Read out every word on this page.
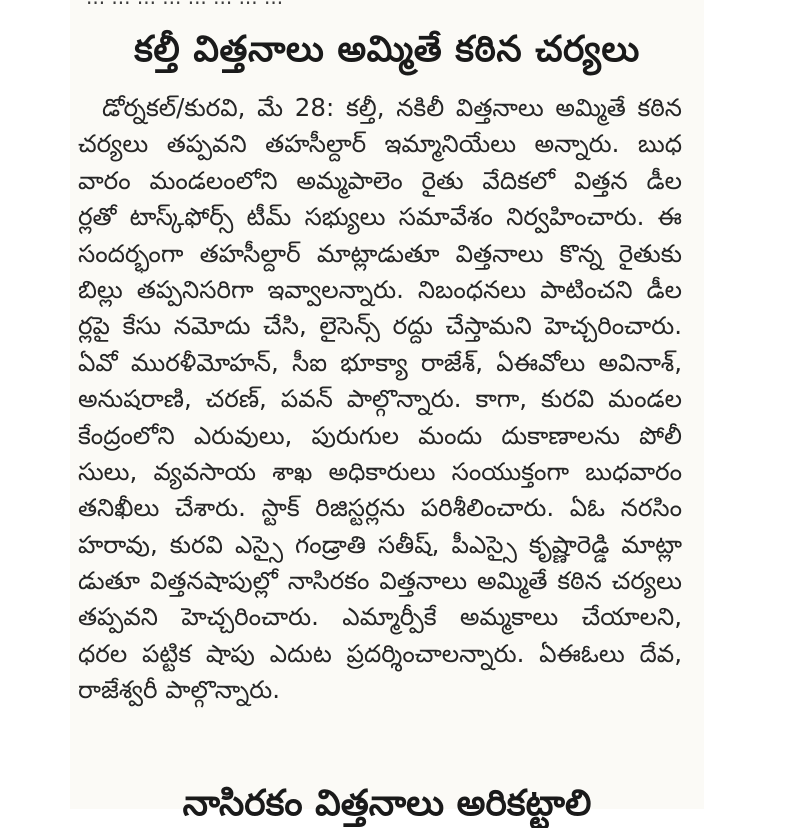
కల్తీ విత్తనాలు అమ్మితే కఠిన చర్యలు
డోర్నకల్/కురవి, మే 28: కల్తీ, నకిలీ విత్తనాలు అమ్మితే కఠిన
చర్యలు తప్పవని తహసీల్దార్ ఇమ్మానియేలు అన్నారు. బుధ
వారం మండలంలోని అమ్మపాలెం రైతు వేదికలో విత్తన డీల
ర్లతో టాస్క్‌ఫోర్స్ టీమ్ సభ్యులు సమావేశం నిర్వహించారు. ఈ
సందర్భంగా తహసీల్దార్ మాట్లాడుతూ విత్తనాలు కొన్న రైతుకు
బిల్లు తప్పనిసరిగా ఇవ్వాలన్నారు. నిబంధనలు పాటించని డీల
ర్లపై కేసు నమోదు చేసి, లైసెన్స్ రద్దు చేస్తామని హెచ్చరించారు.
ఏవో మురళీమోహన్, సీఐ భూక్యా రాజేశ్, ఏఈవోలు అవినాశ్,
అనుషరాణి, చరణ్, పవన్ పాల్గొన్నారు. కాగా, కురవి మండల
కేంద్రంలోని ఎరువులు, పురుగుల మందు దుకాణాలను పోలీ
సులు, వ్యవసాయ శాఖ అధికారులు సంయుక్తంగా బుధవారం
తనిఖీలు చేశారు. స్టాక్ రిజిస్టర్లను పరిశీలించారు. ఏఓ నరసిం
హరావు, కురవి ఎస్సై గండ్రాతి సతీష్, పీఎస్సై కృష్ణారెడ్డి మాట్లా
డుతూ విత్తనషాపుల్లో నాసిరకం విత్తనాలు అమ్మితే కఠిన చర్యలు
తప్పవని హెచ్చరించారు. ఎమ్మార్పీకే అమ్మకాలు చేయాలని,
ధరల పట్టిక షాపు ఎదుట ప్రదర్శించాలన్నారు. ఏఈఓలు దేవ,
రాజేశ్వరీ పాల్గొన్నారు.
నాసిరకం విత్తనాలు అరికట్టాలి
